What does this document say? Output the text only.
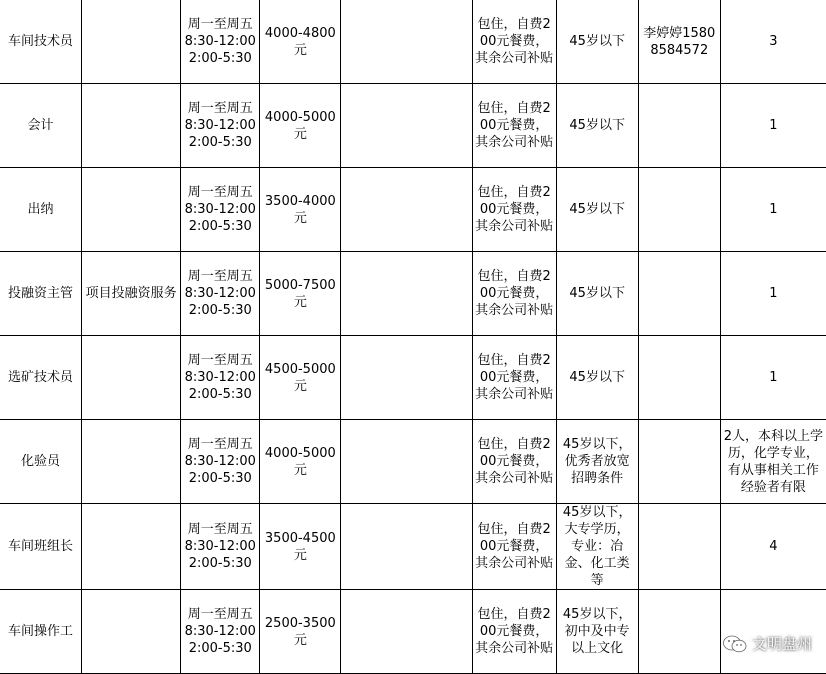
车间技术员		周一至周五 8:30-12:00 2:00-5:30	4000-4800元		包住，自费200元餐费，其余公司补贴	45岁以下	李婷婷15808584572	3
会计		周一至周五 8:30-12:00 2:00-5:30	4000-5000元		包住，自费200元餐费，其余公司补贴	45岁以下		1
出纳		周一至周五 8:30-12:00 2:00-5:30	3500-4000元		包住，自费200元餐费，其余公司补贴	45岁以下		1
投融资主管	项目投融资服务	周一至周五 8:30-12:00 2:00-5:30	5000-7500元		包住，自费200元餐费，其余公司补贴	45岁以下		1
选矿技术员		周一至周五 8:30-12:00 2:00-5:30	4500-5000元		包住，自费200元餐费，其余公司补贴	45岁以下		1
化验员		周一至周五 8:30-12:00 2:00-5:30	4000-5000元		包住，自费200元餐费，其余公司补贴	45岁以下，优秀者放宽招聘条件		2人，本科以上学历，化学专业，有从事相关工作经验者有限
车间班组长		周一至周五 8:30-12:00 2:00-5:30	3500-4500元		包住，自费200元餐费，其余公司补贴	45岁以下，大专学历，专业：冶金、化工类等		4
车间操作工		周一至周五 8:30-12:00 2:00-5:30	2500-3500元		包住，自费200元餐费，其余公司补贴	45岁以下，初中及中专以上文化			文明盘州
